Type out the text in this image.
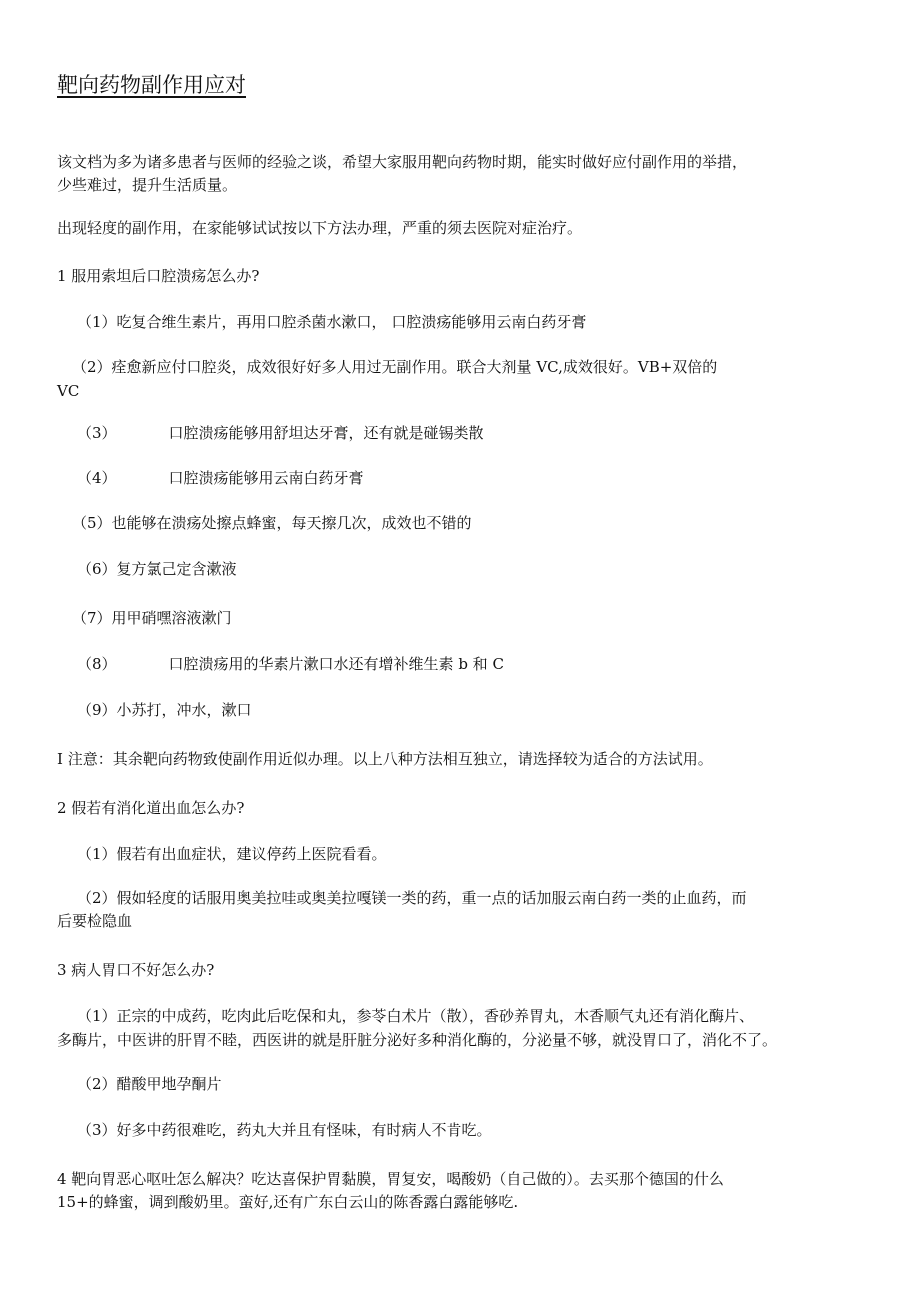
靶向药物副作用应对

该文档为多为诸多患者与医师的经验之谈，希望大家服用靶向药物时期，能实时做好应付副作用的举措，

少些难过，提升生活质量。

出现轻度的副作用，在家能够试试按以下方法办理，严重的须去医院对症治疗。

1 服用索坦后口腔溃疡怎么办?

（1）吃复合维生素片，再用口腔杀菌水漱口， 口腔溃疡能够用云南白药牙膏

（2）痊愈新应付口腔炎，成效很好好多人用过无副作用。联合大剂量 VC,成效很好。VB+双倍的

VC

（3）	口腔溃疡能够用舒坦达牙膏，还有就是碰锡类散

（4）	口腔溃疡能够用云南白药牙膏

（5）也能够在溃疡处擦点蜂蜜，每天擦几次，成效也不错的

（6）复方氯己定含漱液

（7）用甲硝嘿溶液漱门

（8）	口腔溃疡用的华素片漱口水还有增补维生素 b 和 C

（9）小苏打，冲水，漱口

I 注意：其余靶向药物致使副作用近似办理。以上八种方法相互独立，请选择较为适合的方法试用。

2 假若有消化道出血怎么办?

（1）假若有出血症状，建议停药上医院看看。

（2）假如轻度的话服用奥美拉哇或奥美拉嘎镁一类的药，重一点的话加服云南白药一类的止血药，而

后要检隐血

3 病人胃口不好怎么办?

（1）正宗的中成药，吃肉此后吃保和丸，参苓白术片（散），香砂养胃丸，木香顺气丸还有消化酶片、

多酶片，中医讲的肝胃不睦，西医讲的就是肝脏分泌好多种消化酶的，分泌量不够，就没胃口了，消化不了。

（2）醋酸甲地孕酮片

（3）好多中药很难吃，药丸大并且有怪味，有时病人不肯吃。

4 靶向胃恶心呕吐怎么解决？吃达喜保护胃黏膜，胃复安，喝酸奶（自己做的）。去买那个德国的什么

15+的蜂蜜，调到酸奶里。蛮好,还有广东白云山的陈香露白露能够吃.
